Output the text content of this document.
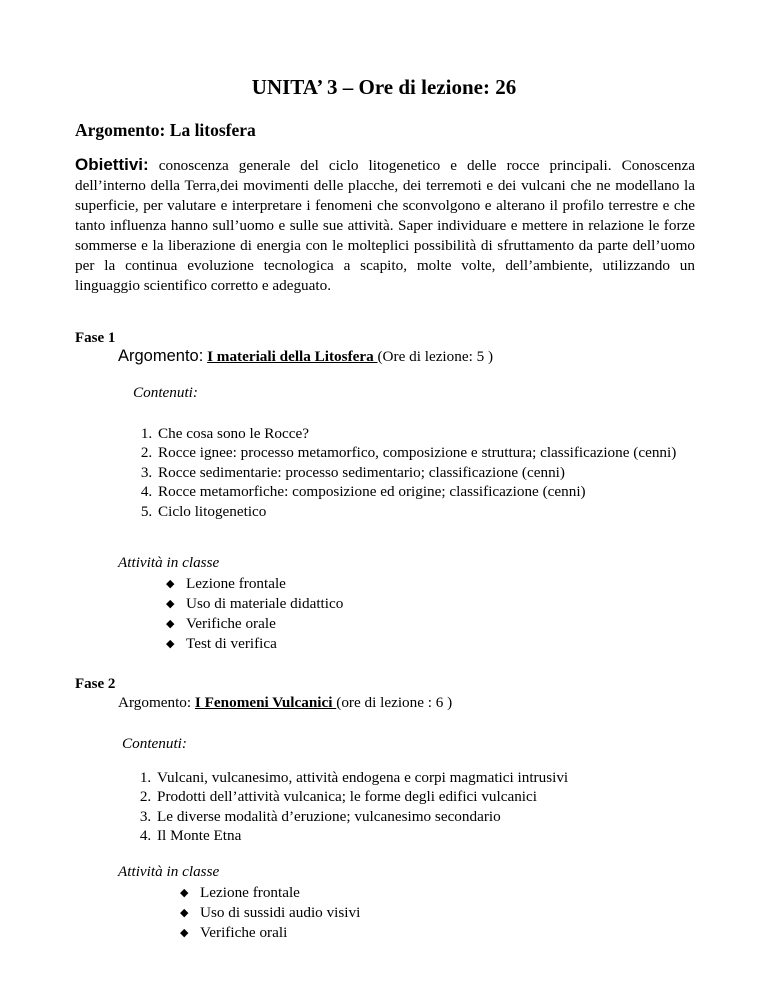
UNITA’ 3 – Ore di lezione: 26
Argomento: La litosfera
Obiettivi: conoscenza generale del ciclo litogenetico e delle rocce principali. Conoscenza dell’interno della Terra,dei movimenti delle placche, dei terremoti e dei vulcani che ne modellano la superficie, per valutare e interpretare i fenomeni che sconvolgono e alterano il profilo terrestre e che tanto influenza hanno sull’uomo e sulle sue attività. Saper individuare e mettere in relazione le forze sommerse e la liberazione di energia con le molteplici possibilità di sfruttamento da parte dell’uomo per la continua evoluzione tecnologica a scapito, molte volte, dell’ambiente, utilizzando un linguaggio scientifico corretto e adeguato.
Fase 1
Argomento: I materiali della Litosfera (Ore di lezione: 5 )
Contenuti:
1. Che cosa sono le Rocce?
2. Rocce ignee: processo metamorfico, composizione e struttura; classificazione (cenni)
3. Rocce sedimentarie: processo sedimentario; classificazione (cenni)
4. Rocce metamorfiche: composizione ed origine; classificazione (cenni)
5. Ciclo litogenetico
Attività in classe
◆ Lezione frontale
◆ Uso di materiale didattico
◆ Verifiche orale
◆ Test di verifica
Fase 2
Argomento: I Fenomeni Vulcanici (ore di lezione : 6 )
Contenuti:
1. Vulcani, vulcanesimo, attività endogena e corpi magmatici intrusivi
2. Prodotti dell’attività vulcanica; le forme degli edifici vulcanici
3. Le diverse modalità d’eruzione; vulcanesimo secondario
4. Il Monte Etna
Attività in classe
◆ Lezione frontale
◆ Uso di sussidi audio visivi
◆ Verifiche orali
